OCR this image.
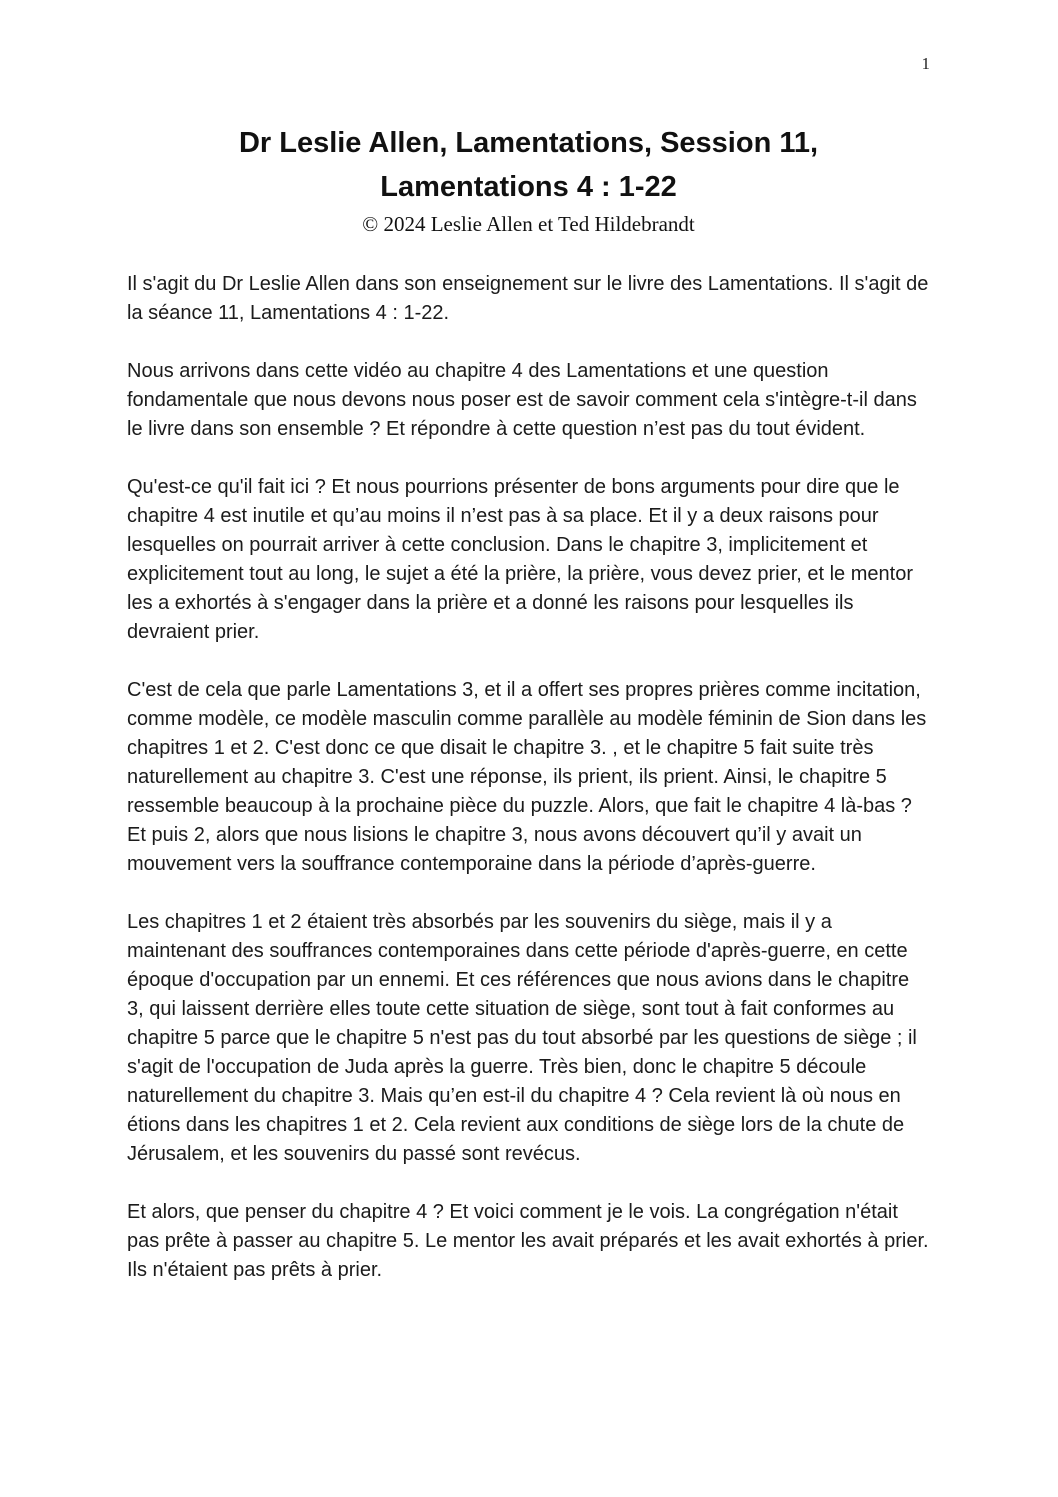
1
Dr Leslie Allen, Lamentations, Session 11,
Lamentations 4 : 1-22
© 2024 Leslie Allen et Ted Hildebrandt

Il s'agit du Dr Leslie Allen dans son enseignement sur le livre des Lamentations. Il s'agit de la séance 11, Lamentations 4 : 1-22.

Nous arrivons dans cette vidéo au chapitre 4 des Lamentations et une question fondamentale que nous devons nous poser est de savoir comment cela s'intègre-t-il dans le livre dans son ensemble ? Et répondre à cette question n’est pas du tout évident.

Qu'est-ce qu'il fait ici ? Et nous pourrions présenter de bons arguments pour dire que le chapitre 4 est inutile et qu’au moins il n’est pas à sa place. Et il y a deux raisons pour lesquelles on pourrait arriver à cette conclusion. Dans le chapitre 3, implicitement et explicitement tout au long, le sujet a été la prière, la prière, vous devez prier, et le mentor les a exhortés à s'engager dans la prière et a donné les raisons pour lesquelles ils devraient prier.

C'est de cela que parle Lamentations 3, et il a offert ses propres prières comme incitation, comme modèle, ce modèle masculin comme parallèle au modèle féminin de Sion dans les chapitres 1 et 2. C'est donc ce que disait le chapitre 3. , et le chapitre 5 fait suite très naturellement au chapitre 3. C'est une réponse, ils prient, ils prient. Ainsi, le chapitre 5 ressemble beaucoup à la prochaine pièce du puzzle. Alors, que fait le chapitre 4 là-bas ? Et puis 2, alors que nous lisions le chapitre 3, nous avons découvert qu’il y avait un mouvement vers la souffrance contemporaine dans la période d’après-guerre.

Les chapitres 1 et 2 étaient très absorbés par les souvenirs du siège, mais il y a maintenant des souffrances contemporaines dans cette période d'après-guerre, en cette époque d'occupation par un ennemi. Et ces références que nous avions dans le chapitre 3, qui laissent derrière elles toute cette situation de siège, sont tout à fait conformes au chapitre 5 parce que le chapitre 5 n'est pas du tout absorbé par les questions de siège ; il s'agit de l'occupation de Juda après la guerre. Très bien, donc le chapitre 5 découle naturellement du chapitre 3. Mais qu’en est-il du chapitre 4 ? Cela revient là où nous en étions dans les chapitres 1 et 2. Cela revient aux conditions de siège lors de la chute de Jérusalem, et les souvenirs du passé sont revécus.

Et alors, que penser du chapitre 4 ? Et voici comment je le vois. La congrégation n'était pas prête à passer au chapitre 5. Le mentor les avait préparés et les avait exhortés à prier. Ils n'étaient pas prêts à prier.
